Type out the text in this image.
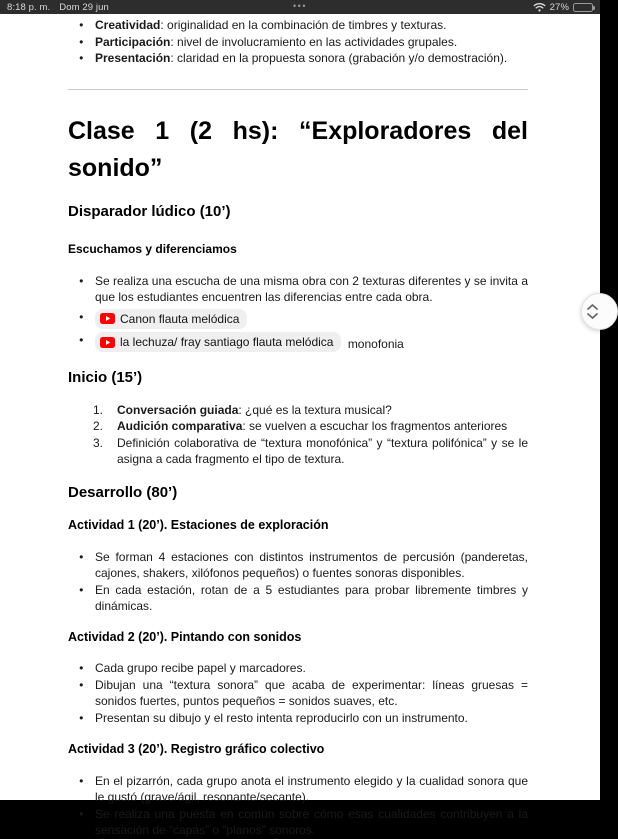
8:18 p. m. Dom 29 jun	•••	27%
● Creatividad: originalidad en la combinación de timbres y texturas.
● Participación: nivel de involucramiento en las actividades grupales.
● Presentación: claridad en la propuesta sonora (grabación y/o demostración).
Clase 1 (2 hs): “Exploradores del sonido”
Disparador lúdico (10’)
Escuchamos y diferenciamos
● Se realiza una escucha de una misma obra con 2 texturas diferentes y se invita a que los estudiantes encuentren las diferencias entre cada obra.
● Canon flauta melódica
● la lechuza/ fray santiago flauta melódica monofonia
Inicio (15’)
1. Conversación guiada: ¿qué es la textura musical?
2. Audición comparativa: se vuelven a escuchar los fragmentos anteriores
3. Definición colaborativa de “textura monofónica” y “textura polifónica” y se le asigna a cada fragmento el tipo de textura.
Desarrollo (80’)
Actividad 1 (20’). Estaciones de exploración
● Se forman 4 estaciones con distintos instrumentos de percusión (panderetas, cajones, shakers, xilófonos pequeños) o fuentes sonoras disponibles.
● En cada estación, rotan de a 5 estudiantes para probar libremente timbres y dinámicas.
Actividad 2 (20’). Pintando con sonidos
● Cada grupo recibe papel y marcadores.
● Dibujan una “textura sonora” que acaba de experimentar: líneas gruesas = sonidos fuertes, puntos pequeños = sonidos suaves, etc.
● Presentan su dibujo y el resto intenta reproducirlo con un instrumento.
Actividad 3 (20’). Registro gráfico colectivo
● En el pizarrón, cada grupo anota el instrumento elegido y la cualidad sonora que le gustó (grave/ágil, resonante/secante).
● Se realiza una puesta en común sobre cómo esas cualidades contribuyen a la sensación de “capas” o “planos” sonoros.
